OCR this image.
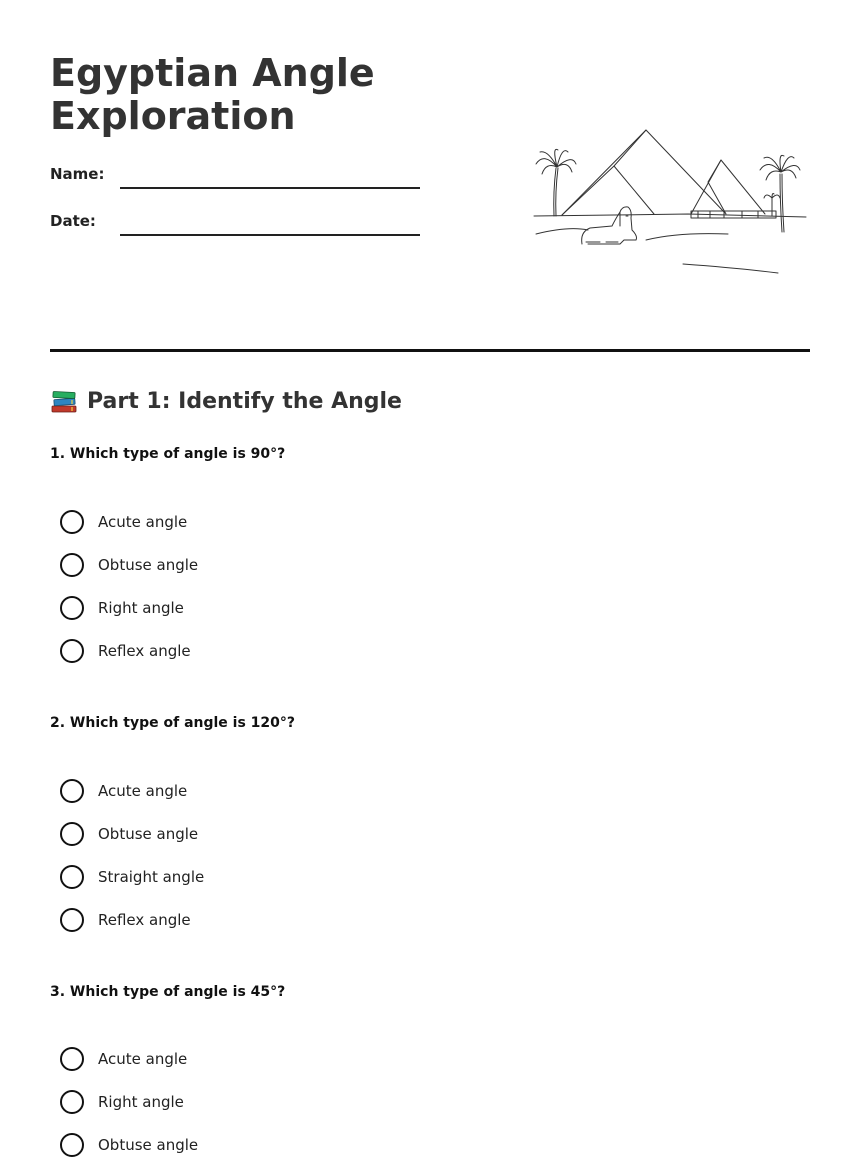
Egyptian Angle Exploration
Name:
Date:
Part 1: Identify the Angle

1. Which type of angle is 90°?

Acute angle
Obtuse angle
Right angle
Reflex angle

2. Which type of angle is 120°?

Acute angle
Obtuse angle
Straight angle
Reflex angle

3. Which type of angle is 45°?

Acute angle
Right angle
Obtuse angle
